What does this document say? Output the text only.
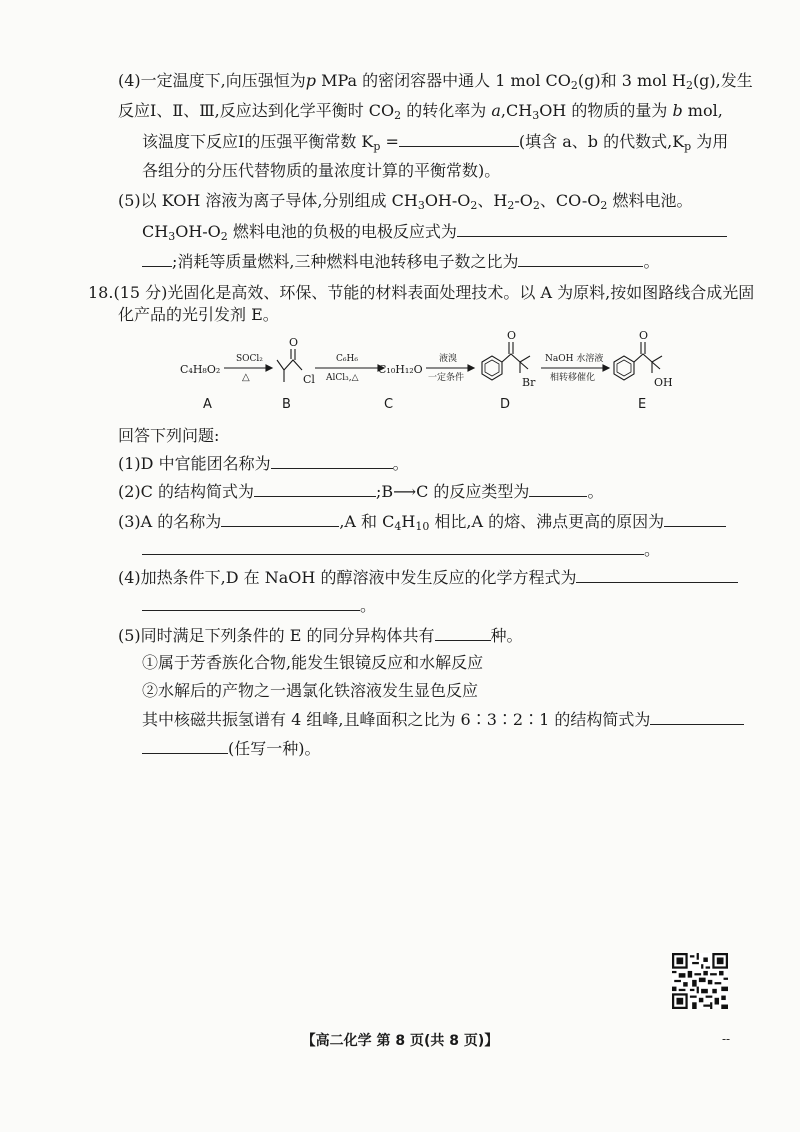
(4)一定温度下,向压强恒为p MPa 的密闭容器中通人 1 mol $CO_2(g)$和 3 mol $H_2(g)$,发生
反应Ⅰ、Ⅱ、Ⅲ,反应达到化学平衡时 $CO_2$ 的转化率为 $a,CH_3OH$ 的物质的量为 b mol,
该温度下反应Ⅰ的压强平衡常数 $K_p$ =	(填含 a、b 的代数式$,K_p$ 为用
各组分的分压代替物质的量浓度计算的平衡常数)。
(5)以 KOH 溶液为离子导体,分别组成 $CH_3OH-O_2$、$H_2-O_2$、$CO-O_2$ 燃料电池。
$CH_3OH-O_2$ 燃料电池的负极的电极反应式为
;消耗等质量燃料,三种燃料电池转移电子数之比为	。
18.(15 分)光固化是高效、环保、节能的材料表面处理技术。以 A 为原料,按如图路线合成光固
化产品的光引发剂 E。
C₄H₈O₂
SOCl₂
△
O
Cl
C₆H₆
AlCl₃,△
C₁₀H₁₂O
液溴
一定条件
O
Br
NaOH 水溶液
相转移催化
O
OH
A	B	C	D	E
回答下列问题:
(1)D 中官能团名称为	。
(2)C 的结构简式为	;B⟶C 的反应类型为	。
(3)A 的名称为	,A 和 $C_4H_{10}$ 相比,A 的熔、沸点更高的原因为
。
(4)加热条件下,D 在 NaOH 的醇溶液中发生反应的化学方程式为
。
(5)同时满足下列条件的 E 的同分异构体共有	种。
①属于芳香族化合物,能发生银镜反应和水解反应
②水解后的产物之一遇氯化铁溶液发生显色反应
其中核磁共振氢谱有 4 组峰,且峰面积之比为 6∶3∶2∶1 的结构简式为
(任写一种)。
【高二化学 第 8 页(共 8 页)】	--
